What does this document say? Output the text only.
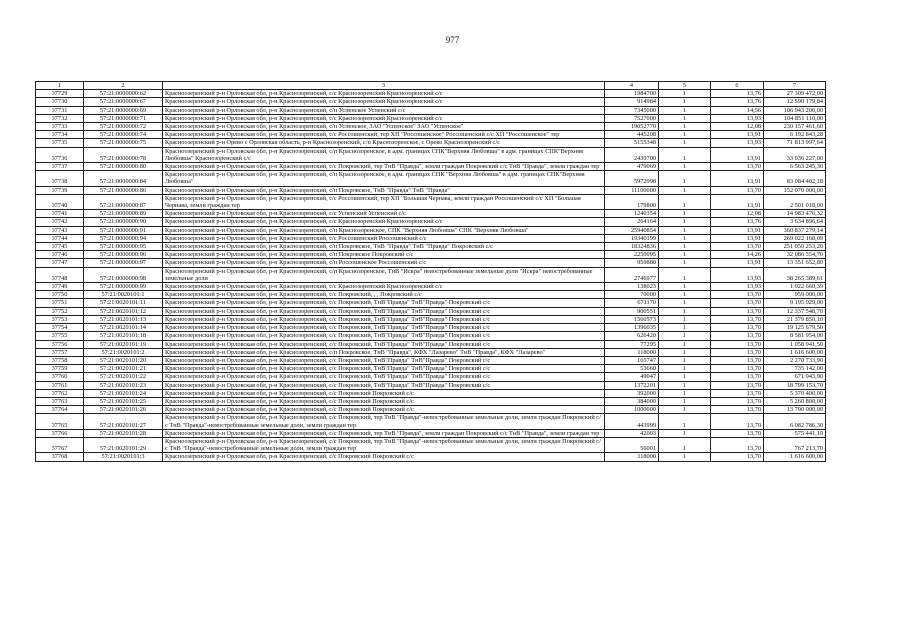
977
1	2	3	4	5	6	7
37729	57:21:0000000:62	Красноозеренский р-н Орловская обл, р-н Краснозоренский, с/с Краснозоренский Краснозоренский с/с	1984700	1	13,76	27 309 472,00
37730	57:21:0000000:67	Красноозеренский р-н Орловская обл, р-н Краснозоренский, с/с Краснозоренский Краснозоренский с/с	914984	1	13,76	12 590 179,84
37731	57:21:0000000:69	Красноозеренский р-н Орловская обл, р-н Краснозоренский, с/п Успенское Успенский с/с	7345000	1	14,56	106 943 200,00
37732	57:21:0000000:71	Красноозеренский р-н Орловская обл, р-н Краснозоренский, с/с Краснозоренский Краснозоренский с/с	7527000	1	13,93	104 851 110,00
37733	57:21:0000000:72	Красноозеренский р-н Орловская обл, р-н Краснозоренский, с/п Успенское, ЗАО "Успенское" ЗАО "Успенское"	19052770	1	12,08	230 157 461,60
37734	57:21:0000000:74	Красноозеренский р-н Орловская обл, р-н Краснозоренский, с/с Россошенский, тер ХП "Россошенское" Россошенский с/с ХП "Россошенское" тер	445208	1	13,91	6 192 843,28
37735	57:21:0000000:75	Красноозеренский р-н Орево с Орловская область, р-н Краснозоренский, с/п Краснозоренское, с Орево Краснозоренский с/с	5155348	1	13,93	71 813 997,64
37736	57:21:0000000:78	Красноозеренский р-н Орловская обл, р-н Краснозоренский, с/п Краснозоренское, в адм. границах СПК"Верхняя Любовша" в адм. границах СПК"Верхняя Любовша" Краснозоренский с/с	2439700	1	13,91	33 936 227,00
37737	57:21:0000000:80	Красноозеренский р-н Орловская обл, р-н Краснозоренский, с/с Покровский, тер ТнВ "Правда", земли граждан Покровский с/с ТнВ "Правда", земли граждан тер	479069	1	13,70	6 563 245,30
37738	57:21:0000000:84	Красноозеренский р-н Орловская обл, р-н Краснозоренский, с/п Краснозоренское, в адм. границах СПК "Верхняя Любовша" в адм. границах СПК"Верхняя Любовша"	5972998	1	13,91	83 084 402,18
37739	57:21:0000000:86	Красноозеренский р-н Орловская обл, р-н Краснозоренский, с/п Покровское, ТнВ "Правда" ТнВ "Правда"	11100000	1	13,70	152 070 000,00
37740	57:21:0000000:87	Красноозеренский р-н Орловская обл, р-н Краснозоренский, с/с Россошенский, тер ХП "Большая Чернава, земли граждан Россошенский с/с ХП "Большая Чернава, земли граждан тер	179800	1	13,91	2 501 018,00
37741	57:21:0000000:89	Красноозеренский р-н Орловская обл, р-н Краснозоренский, с/с Успенский Успенский с/с	1240354	1	12,08	14 983 476,32
37742	57:21:0000000:90	Красноозеренский р-н Орловская обл, р-н Краснозоренский, с/с Краснозоренский Краснозоренский с/с	264164	1	13,76	3 634 896,64
37743	57:21:0000000:91	Красноозеренский р-н Орловская обл, р-н Краснозоренский, с/п Краснозоренское, СПК "Верхняя Любовша" СПК "Верхняя Любовша"	25940854	1	13,91	360 837 279,14
37744	57:21:0000000:94	Красноозеренский р-н Орловская обл, р-н Краснозоренский, с/с Россошенский Россошенский с/с	19340199	1	13,91	269 022 168,09
37745	57:21:0000000:95	Красноозеренский р-н Орловская обл, р-н Краснозоренский, с/п Покровское, ТнВ "Правда" ТнВ "Правда" Покровский с/с	18324836	1	13,70	251 050 253,20
37746	57:21:0000000:96	Красноозеренский р-н Орловская обл, р-н Краснозоренский, с/п Покровское Покровский с/с	2250095	1	14,26	32 086 354,70
37747	57:21:0000000:97	Красноозеренский р-н Орловская обл, р-н Краснозоренский, с/п Россошенское Россошенский с/с	959880	1	13,91	13 351 652,80
37748	57:21:0000000:98	Красноозеренский р-н Орловская обл, р-н Краснозоренский, с/п Краснозоренское, ТнВ "Искра" невостребованные земельные доли "Искра" невостребованные земельные доли	2746977	1	13,93	38 265 389,61
37749	57:21:0000000:99	Красноозеренский р-н Орловская обл, р-н Краснозоренский, с/с Краснозоренский Краснозоренский с/с	138023	1	13,93	1 922 660,39
37750	57:21:0020101:1	Красноозеренский р-н Орловская обл, р-н Краснозоренский, с/с Покровский, , , Покровский с/с	70000	1	13,70	959 000,00
37751	57:21:0020101:11	Красноозеренский р-н Орловская обл, р-н Краснозоренский, с/с Покровский, ТнВ"Правда" ТнВ"Правда" Покровский с/с	671170	1	13,70	9 195 029,00
37752	57:21:0020101:12	Красноозеренский р-н Орловская обл, р-н Краснозоренский, с/с Покровский, ТнВ"Правда" ТнВ"Правда" Покровский с/с	900551	1	13,70	12 337 548,70
37753	57:21:0020101:13	Красноозеренский р-н Орловская обл, р-н Краснозоренский, с/с Покровский, ТнВ"Правда" ТнВ"Правда" Покровский с/с	1560573	1	13,70	21 379 850,10
37754	57:21:0020101:14	Красноозеренский р-н Орловская обл, р-н Краснозоренский, с/с Покровский, ТнВ"Правда" ТнВ"Правда" Покровский с/с	1396035	1	13,70	19 125 679,50
37755	57:21:0020101:18	Красноозеренский р-н Орловская обл, р-н Краснозоренский, с/с Покровский, ТнВ"Правда" ТнВ"Правда" Покровский с/с	626420	1	13,70	8 581 954,00
37756	57:21:0020101:19	Красноозеренский р-н Орловская обл, р-н Краснозоренский, с/с Покровский, ТнВ"Правда" ТнВ"Правда" Покровский с/с	77295	1	13,70	1 058 941,50
37757	57:21:0020101:2	Красноозеренский р-н Орловская обл, р-н Краснозоренский, с/п Покровское, ТнВ "Правда", КФХ "Лазарево" ТнВ "Правда", КФХ "Лазарево"	118000	1	13,70	1 616 600,00
37758	57:21:0020101:20	Красноозеренский р-н Орловская обл, р-н Краснозоренский, с/с Покровский, ТнВ"Правда" ТнВ"Правда" Покровский с/с	165747	1	13,70	2 270 733,90
37759	57:21:0020101:21	Красноозеренский р-н Орловская обл, р-н Краснозоренский, с/с Покровский, ТнВ"Правда" ТнВ"Правда" Покровский с/с	53660	1	13,70	735 142,00
37760	57:21:0020101:22	Красноозеренский р-н Орловская обл, р-н Краснозоренский, с/с Покровский, ТнВ"Правда" ТнВ"Правда" Покровский с/с	49047	1	13,70	671 943,90
37761	57:21:0020101:23	Красноозеренский р-н Орловская обл, р-н Краснозоренский, с/с Покровский, ТнВ"Правда" ТнВ"Правда" Покровский с/с	1372201	1	13,70	18 799 153,70
37762	57:21:0020101:24	Красноозеренский р-н Орловская обл, р-н Краснозоренский, с/с Покровский Покровский с/с	392000	1	13,70	5 370 400,00
37763	57:21:0020101:25	Красноозеренский р-н Орловская обл, р-н Краснозоренский, с/с Покровский Покровский с/с	384000	1	13,70	5 260 800,00
37764	57:21:0020101:26	Красноозеренский р-н Орловская обл, р-н Краснозоренский, с/с Покровский Покровский с/с	1000000	1	13,70	13 700 000,00
37765	57:21:0020101:27	Красноозеренский р-н Орловская обл, р-н Краснозоренский, с/с Покровский, тер ТнВ "Правда"-невостребованные земельные доли, земли граждан Покровский с/с ТнВ "Правда"-невостребованные земельные доли, земли граждан тер	443999	1	13,70	6 082 786,30
37766	57:21:0020101:28	Красноозеренский р-н Орловская обл, р-н Краснозоренский, с/с Покровский, тер ТнВ "Правда", земли граждан Покровский с/с ТнВ "Правда", земли граждан тер	42003	1	13,70	575 441,10
37767	57:21:0020101:29	Красноозеренский р-н Орловская обл, р-н Краснозоренский, с/с Покровский, тер ТнВ "Правда"-невостребованные земельные доли, земли граждан Покровский с/с ТнВ "Правда"-невостребованные земельные доли, земли граждан тер	56001	1	13,70	767 213,70
37768	57:21:0020101:3	Красноозеренский р-н Орловская обл, р-н Краснозоренский, с/с Покровский Покровский с/с	118000	1	13,70	1 616 600,00
